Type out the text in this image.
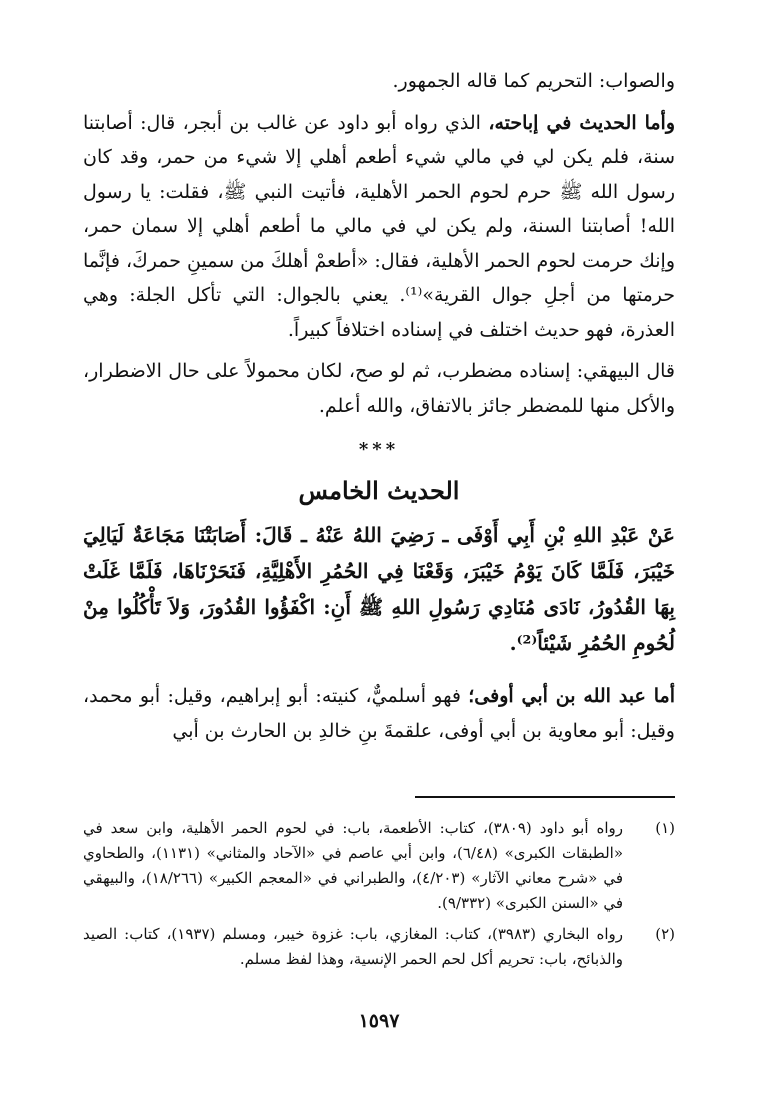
والصواب: التحريم كما قاله الجمهور.

وأما الحديث في إباحته، الذي رواه أبو داود عن غالب بن أبجر، قال: أصابتنا سنة، فلم يكن لي في مالي شيء أطعم أهلي إلا شيء من حمر، وقد كان رسول الله ﷺ حرم لحوم الحمر الأهلية، فأتيت النبي ﷺ، فقلت: يا رسول الله! أصابتنا السنة، ولم يكن لي في مالي ما أطعم أهلي إلا سمان حمر، وإنك حرمت لحوم الحمر الأهلية، فقال: «أطعمْ أهلكَ من سمينِ حمركَ، فإنَّما حرمتها من أجلِ جوال القرية»⁽¹⁾. يعني بالجوال: التي تأكل الجلة: وهي العذرة، فهو حديث اختلف في إسناده اختلافاً كبيراً.

قال البيهقي: إسناده مضطرب، ثم لو صح، لكان محمولاً على حال الاضطرار، والأكل منها للمضطر جائز بالاتفاق، والله أعلم.

***
الحديث الخامس

عَنْ عَبْدِ اللهِ بْنِ أَبِي أَوْفَى ـ رَضِيَ اللهُ عَنْهُ ـ قَالَ: أَصَابَتْنَا مَجَاعَةٌ لَيَالِيَ خَيْبَرَ، فَلَمَّا كَانَ يَوْمُ خَيْبَرَ، وَقَعْنَا فِي الحُمُرِ الأَهْلِيَّةِ، فَنَحَرْنَاهَا، فَلَمَّا غَلَتْ بِهَا القُدُورُ، نَادَى مُنَادِي رَسُولِ اللهِ ﷺ أَنِ: اكْفَؤُوا القُدُورَ، وَلاَ تَأْكُلُوا مِنْ لُحُومِ الحُمُرِ شَيْئاً⁽²⁾.

أما عبد الله بن أبي أوفى؛ فهو أسلميٌّ، كنيته: أبو إبراهيم، وقيل: أبو محمد، وقيل: أبو معاوية بن أبي أوفى، علقمةَ بنِ خالدِ بن الحارث بن أبي

(١)
رواه أبو داود (٣٨٠٩)، كتاب: الأطعمة، باب: في لحوم الحمر الأهلية، وابن سعد في «الطبقات الكبرى» (٦/٤٨)، وابن أبي عاصم في «الآحاد والمثاني» (١١٣١)، والطحاوي في «شرح معاني الآثار» (٤/٢٠٣)، والطبراني في «المعجم الكبير» (١٨/٢٦٦)، والبيهقي في «السنن الكبرى» (٩/٣٣٢).
(٢)
رواه البخاري (٣٩٨٣)، كتاب: المغازي، باب: غزوة خيبر، ومسلم (١٩٣٧)، كتاب: الصيد والذبائح، باب: تحريم أكل لحم الحمر الإنسية، وهذا لفظ مسلم.
١٥٩٧
